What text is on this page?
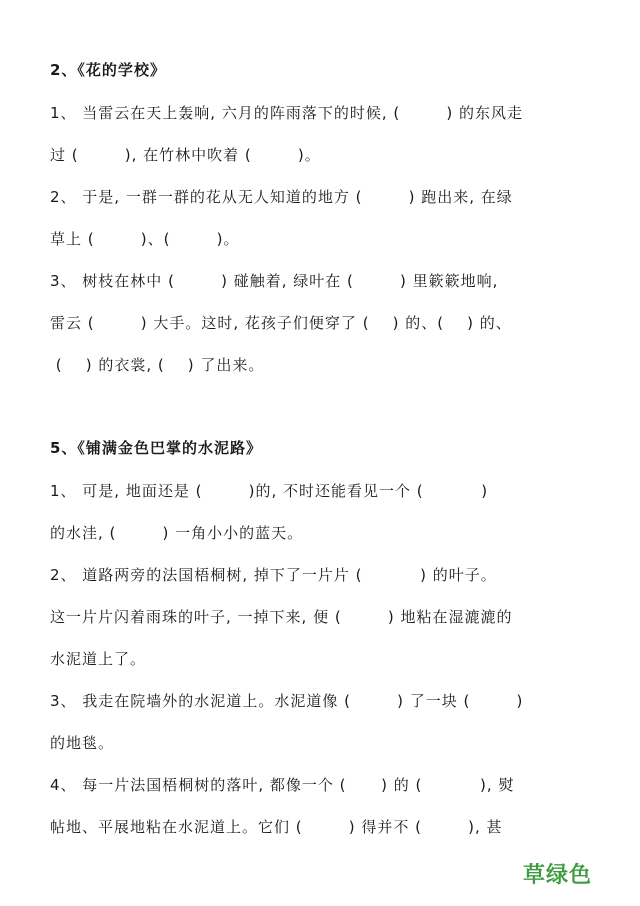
2、《花的学校》
1、 当雷云在天上轰响, 六月的阵雨落下的时候, (        ) 的东风走
过 (        ), 在竹林中吹着 (        )。
2、 于是, 一群一群的花从无人知道的地方 (        ) 跑出来, 在绿
草上 (        )、(        )。
3、 树枝在林中 (        ) 碰触着, 绿叶在 (        ) 里簌簌地响,
雷云 (        ) 大手。这时, 花孩子们便穿了 (    ) 的、(    ) 的、
(    ) 的衣裳, (    ) 了出来。
5、《铺满金色巴掌的水泥路》
1、 可是, 地面还是 (        )的, 不时还能看见一个 (          )
的水洼, (        ) 一角小小的蓝天。
2、 道路两旁的法国梧桐树, 掉下了一片片 (          ) 的叶子。
这一片片闪着雨珠的叶子, 一掉下来, 便 (        ) 地粘在湿漉漉的
水泥道上了。
3、 我走在院墙外的水泥道上。水泥道像 (        ) 了一块 (        )
的地毯。
4、 每一片法国梧桐树的落叶, 都像一个 (      ) 的 (          ), 熨
帖地、平展地粘在水泥道上。它们 (        ) 得并不 (        ), 甚
草绿色
